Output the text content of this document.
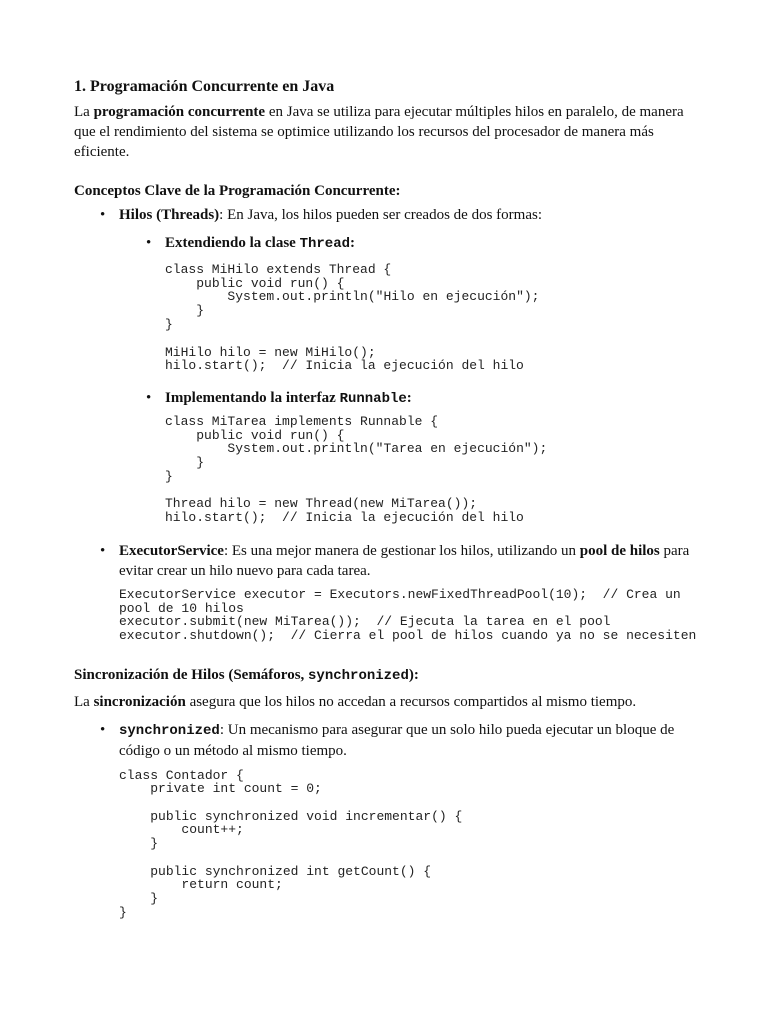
1. Programación Concurrente en Java

La programación concurrente en Java se utiliza para ejecutar múltiples hilos en paralelo, de manera que el rendimiento del sistema se optimice utilizando los recursos del procesador de manera más eficiente.

Conceptos Clave de la Programación Concurrente:
• Hilos (Threads): En Java, los hilos pueden ser creados de dos formas:
• Extendiendo la clase Thread:
class MiHilo extends Thread {
public void run() {
System.out.println("Hilo en ejecución");
}
}
MiHilo hilo = new MiHilo();
hilo.start();  // Inicia la ejecución del hilo
• Implementando la interfaz Runnable:
class MiTarea implements Runnable {
public void run() {
System.out.println("Tarea en ejecución");
}
}
Thread hilo = new Thread(new MiTarea());
hilo.start();  // Inicia la ejecución del hilo
• ExecutorService: Es una mejor manera de gestionar los hilos, utilizando un pool de hilos para evitar crear un hilo nuevo para cada tarea.
ExecutorService executor = Executors.newFixedThreadPool(10);  // Crea un
pool de 10 hilos
executor.submit(new MiTarea());  // Ejecuta la tarea en el pool
executor.shutdown();  // Cierra el pool de hilos cuando ya no se necesiten
Sincronización de Hilos (Semáforos, synchronized):

La sincronización asegura que los hilos no accedan a recursos compartidos al mismo tiempo.

• synchronized: Un mecanismo para asegurar que un solo hilo pueda ejecutar un bloque de código o un método al mismo tiempo.
class Contador {
private int count = 0;

public synchronized void incrementar() {
count++;
}

public synchronized int getCount() {
return count;
}
}
